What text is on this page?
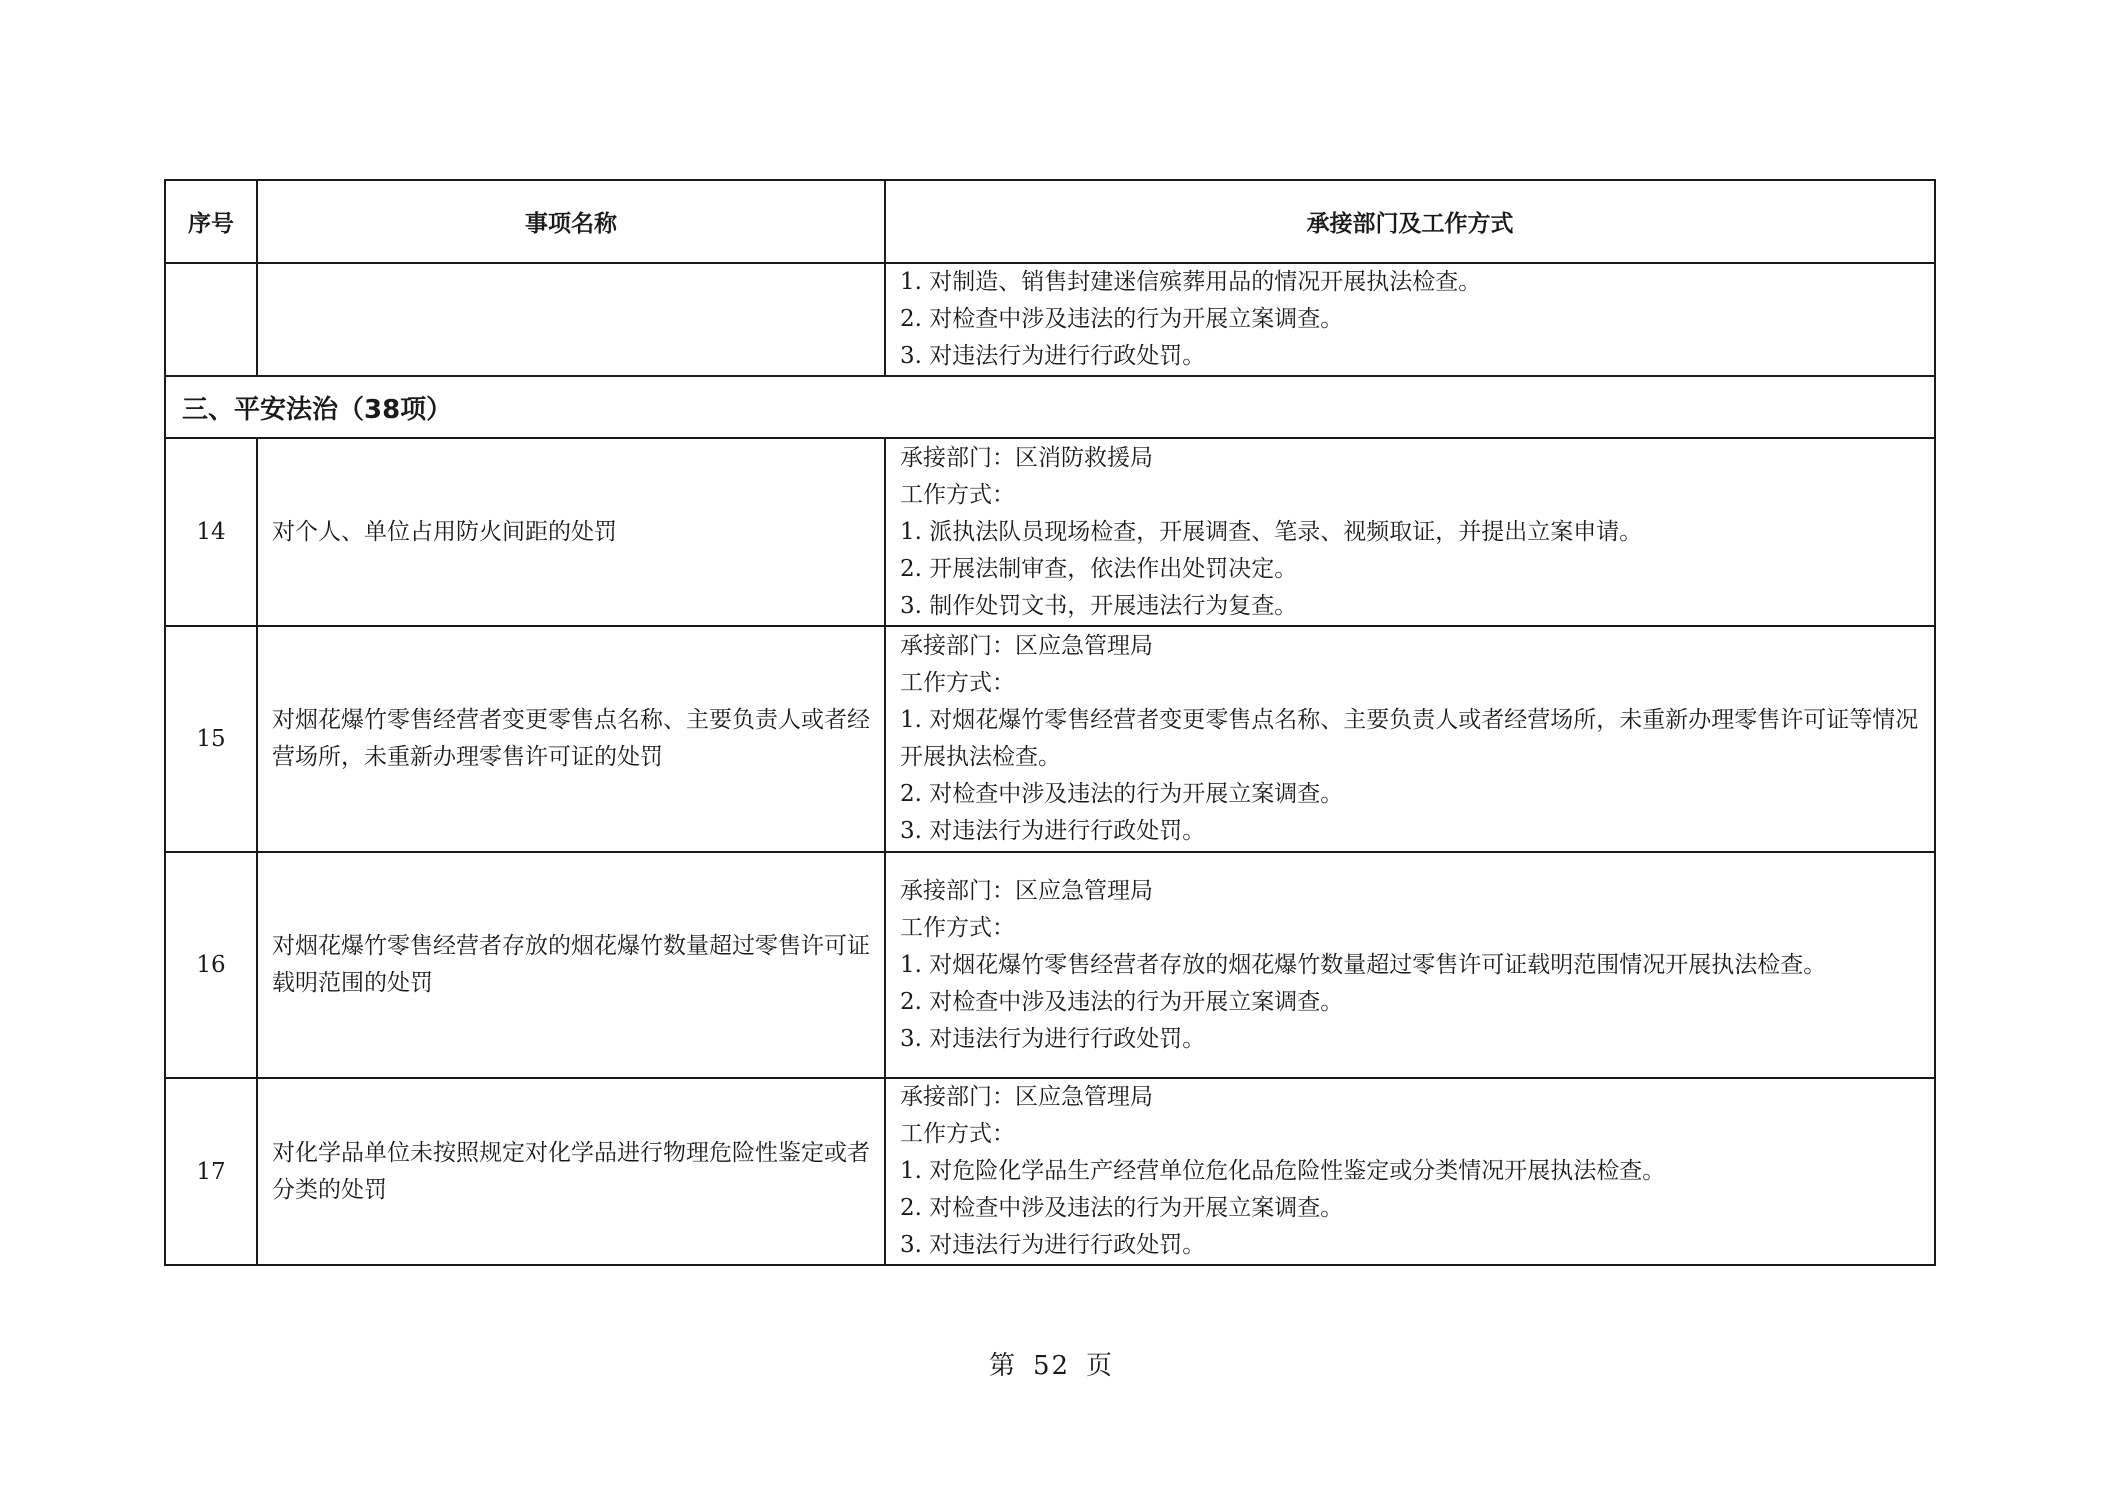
序号	事项名称	承接部门及工作方式

		1. 对制造、销售封建迷信殡葬用品的情况开展执法检查。
2. 对检查中涉及违法的行为开展立案调查。
3. 对违法行为进行行政处罚。

三、平安法治（38项）		
14	对个人、单位占用防火间距的处罚	承接部门：区消防救援局
工作方式：
1. 派执法队员现场检查，开展调查、笔录、视频取证，并提出立案申请。
2. 开展法制审查，依法作出处罚决定。
3. 制作处罚文书，开展违法行为复查。

15	对烟花爆竹零售经营者变更零售点名称、主要负责人或者经营场所，未重新办理零售许可证的处罚	承接部门：区应急管理局
工作方式：
1. 对烟花爆竹零售经营者变更零售点名称、主要负责人或者经营场所，未重新办理零售许可证等情况开展执法检查。
2. 对检查中涉及违法的行为开展立案调查。
3. 对违法行为进行行政处罚。

16	对烟花爆竹零售经营者存放的烟花爆竹数量超过零售许可证载明范围的处罚	承接部门：区应急管理局
工作方式：
1. 对烟花爆竹零售经营者存放的烟花爆竹数量超过零售许可证载明范围情况开展执法检查。
2. 对检查中涉及违法的行为开展立案调查。
3. 对违法行为进行行政处罚。

17	对化学品单位未按照规定对化学品进行物理危险性鉴定或者分类的处罚	承接部门：区应急管理局
工作方式：
1. 对危险化学品生产经营单位危化品危险性鉴定或分类情况开展执法检查。
2. 对检查中涉及违法的行为开展立案调查。
3. 对违法行为进行行政处罚。
第 52 页
